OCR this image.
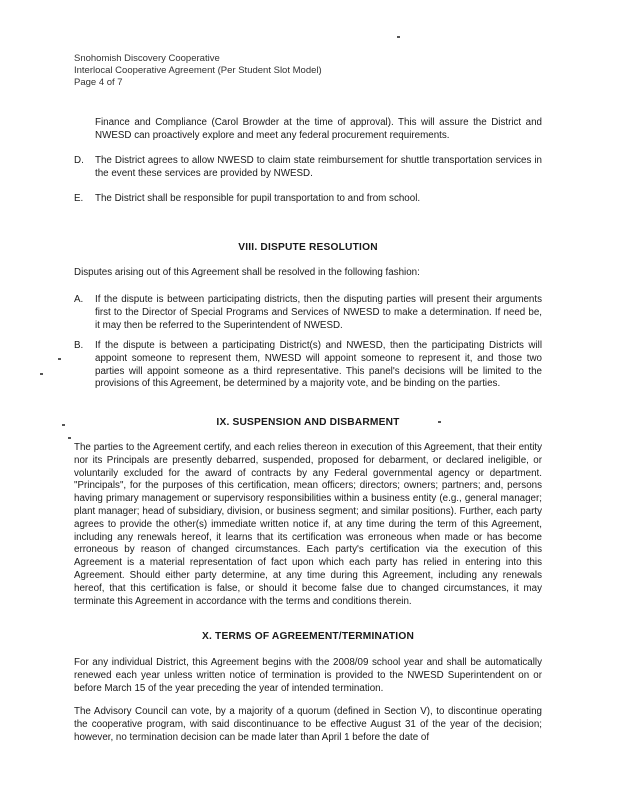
Snohomish Discovery Cooperative
Interlocal Cooperative Agreement (Per Student Slot Model)
Page 4 of 7

Finance and Compliance (Carol Browder at the time of approval). This will assure the District and NWESD can proactively explore and meet any federal procurement requirements.

D.	The District agrees to allow NWESD to claim state reimbursement for shuttle transportation services in the event these services are provided by NWESD.
E.	The District shall be responsible for pupil transportation to and from school.
VIII. DISPUTE RESOLUTION
Disputes arising out of this Agreement shall be resolved in the following fashion:
A.	If the dispute is between participating districts, then the disputing parties will present their arguments first to the Director of Special Programs and Services of NWESD to make a determination. If need be, it may then be referred to the Superintendent of NWESD.
B.	If the dispute is between a participating District(s) and NWESD, then the participating Districts will appoint someone to represent them, NWESD will appoint someone to represent it, and those two parties will appoint someone as a third representative. This panel's decisions will be limited to the provisions of this Agreement, be determined by a majority vote, and be binding on the parties.
IX. SUSPENSION AND DISBARMENT
The parties to the Agreement certify, and each relies thereon in execution of this Agreement, that their entity nor its Principals are presently debarred, suspended, proposed for debarment, or declared ineligible, or voluntarily excluded for the award of contracts by any Federal governmental agency or department. "Principals", for the purposes of this certification, mean officers; directors; owners; partners; and, persons having primary management or supervisory responsibilities within a business entity (e.g., general manager; plant manager; head of subsidiary, division, or business segment; and similar positions). Further, each party agrees to provide the other(s) immediate written notice if, at any time during the term of this Agreement, including any renewals hereof, it learns that its certification was erroneous when made or has become erroneous by reason of changed circumstances. Each party's certification via the execution of this Agreement is a material representation of fact upon which each party has relied in entering into this Agreement. Should either party determine, at any time during this Agreement, including any renewals hereof, that this certification is false, or should it become false due to changed circumstances, it may terminate this Agreement in accordance with the terms and conditions therein.
X. TERMS OF AGREEMENT/TERMINATION
For any individual District, this Agreement begins with the 2008/09 school year and shall be automatically renewed each year unless written notice of termination is provided to the NWESD Superintendent on or before March 15 of the year preceding the year of intended termination.
The Advisory Council can vote, by a majority of a quorum (defined in Section V), to discontinue operating the cooperative program, with said discontinuance to be effective August 31 of the year of the decision; however, no termination decision can be made later than April 1 before the date of
